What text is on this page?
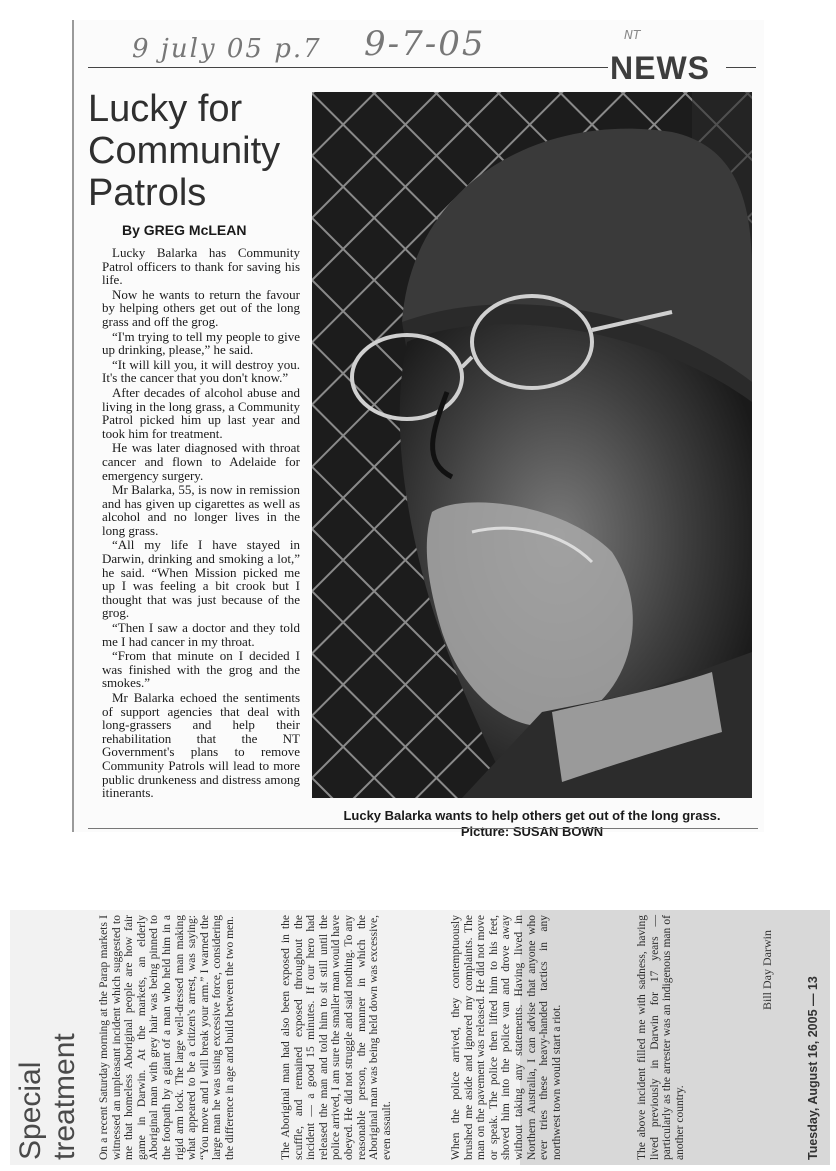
9 july 05 p.7 9-7-05	NT
NEWS
Lucky for Community Patrols
By GREG McLEAN

Lucky Balarka has Community Patrol officers to thank for saving his life.

Now he wants to return the favour by helping others get out of the long grass and off the grog.

“I'm trying to tell my people to give up drinking, please,” he said.

“It will kill you, it will destroy you. It's the cancer that you don't know.”

After decades of alcohol abuse and living in the long grass, a Community Patrol picked him up last year and took him for treatment.

He was later diagnosed with throat cancer and flown to Adelaide for emergency surgery.

Mr Balarka, 55, is now in remission and has given up cigarettes as well as alcohol and no longer lives in the long grass.

“All my life I have stayed in Darwin, drinking and smoking a lot,” he said. “When Mission picked me up I was feeling a bit crook but I thought that was just because of the grog.

“Then I saw a doctor and they told me I had cancer in my throat.

“From that minute on I decided I was finished with the grog and the smokes.”

Mr Balarka echoed the sentiments of support agencies that deal with long-grassers and help their rehabilitation that the NT Government's plans to remove Community Patrols will lead to more public drunkeness and distress among itinerants.

Lucky Balarka wants to help others get out of the long grass. Picture: SUSAN BOWN
Special treatment On a recent Saturday morning at the Parap markets I witnessed an unpleasant incident which suggested to me that homeless Aboriginal people are how fair game in Darwin. At the markets, an elderly Aboriginal man with grey hair was being pinned to the footpath by a giant of a man who held him in a rigid arm lock. The large well-dressed man making what appeared to be a citizen's arrest, was saying: “You move and I will break your arm.” I warned the large man he was using excessive force, considering the difference in age and build between the two men.	The Aboriginal man had also been exposed in the scuffle, and remained exposed throughout the incident — a good 15 minutes. If our hero had released the man and told him to sit still until the police arrived, I am sure the smaller man would have obeyed. He did not struggle and said nothing. To any reasonable person, the manner in which the Aboriginal man was being held down was excessive, even assault.	When the police arrived, they contemptuously brushed me aside and ignored my complaints. The man on the pavement was released. He did not move or speak. The police then lifted him to his feet, shoved him into the police van and drove away without taking any statements. Having lived in Northern Australia, I can advise that anyone who ever tries these heavy-handed tactics in any northwest town would start a riot.	The above incident filled me with sadness, having lived previously in Darwin for 17 years — particularly as the arrester was an indigenous man of another country.

Bill Day Darwin
Tuesday, August 16, 2005 — 13
